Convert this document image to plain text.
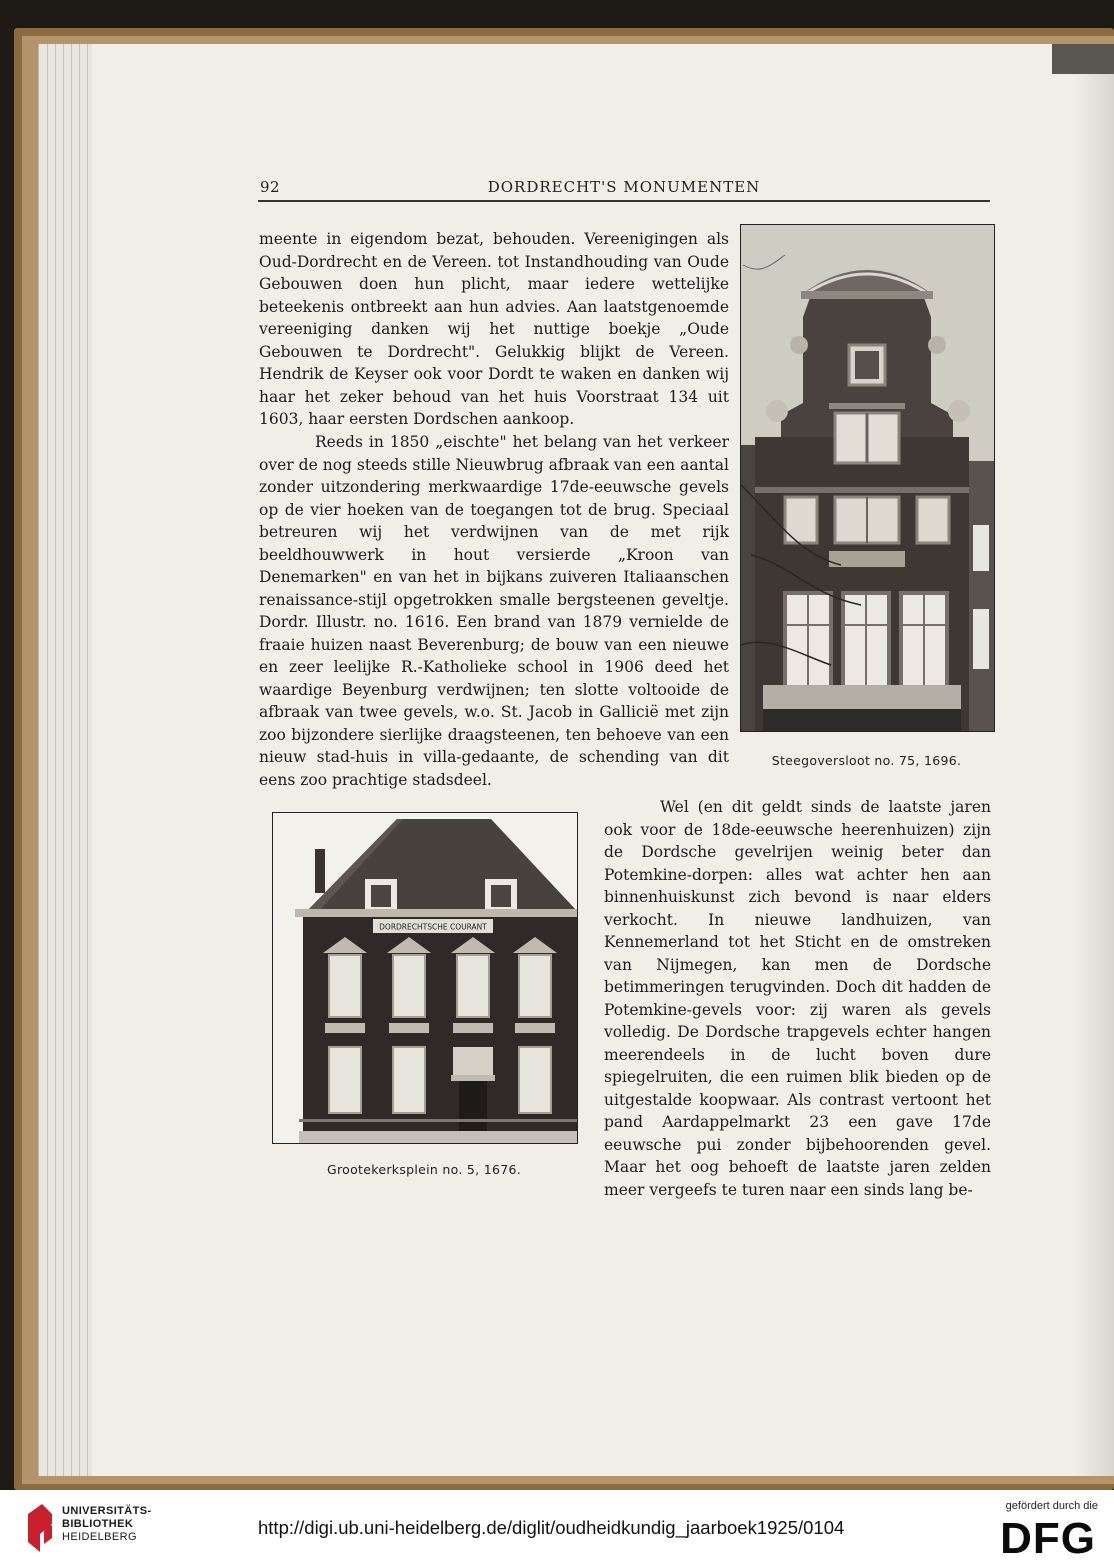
92	DORDRECHT'S MONUMENTEN

meente in eigendom bezat, behouden. Vereenigingen als Oud-Dordrecht en de Vereen. tot Instandhouding van Oude Gebouwen doen hun plicht, maar iedere wettelijke beteekenis ontbreekt aan hun advies. Aan laatstgenoemde vereeniging danken wij het nuttige boekje „Oude Gebouwen te Dordrecht". Gelukkig blijkt de Vereen. Hendrik de Keyser ook voor Dordt te waken en danken wij haar het zeker behoud van het huis Voorstraat 134 uit 1603, haar eersten Dordschen aankoop.

Reeds in 1850 „eischte" het belang van het verkeer over de nog steeds stille Nieuwbrug afbraak van een aantal zonder uitzondering merkwaardige 17de-eeuwsche gevels op de vier hoeken van de toegangen tot de brug. Speciaal betreuren wij het verdwijnen van de met rijk beeldhouwwerk in hout versierde „Kroon van Denemarken" en van het in bijkans zuiveren Italiaanschen renaissance-stijl opgetrokken smalle bergsteenen geveltje. Dordr. Illustr. no. 1616. Een brand van 1879 vernielde de fraaie huizen naast Beverenburg; de bouw van een nieuwe en zeer leelijke R.-Katholieke school in 1906 deed het waardige Beyenburg verdwijnen; ten slotte voltooide de afbraak van twee gevels, w.o. St. Jacob in Gallicië met zijn zoo bijzondere sierlijke draagsteenen, ten behoeve van een nieuw stad-huis in villa-gedaante, de schending van dit eens zoo prachtige stadsdeel.

Wel (en dit geldt sinds de laatste jaren ook voor de 18de-eeuwsche heerenhuizen) zijn de Dordsche gevelrijen weinig beter dan Potemkine-dorpen: alles wat achter hen aan binnenhuiskunst zich bevond is naar elders verkocht. In nieuwe landhuizen, van Kennemerland tot het Sticht en de omstreken van Nijmegen, kan men de Dordsche betimmeringen terugvinden. Doch dit hadden de Potemkine-gevels voor: zij waren als gevels volledig. De Dordsche trapgevels echter hangen meerendeels in de lucht boven dure spiegelruiten, die een ruimen blik bieden op de uitgestalde koopwaar. Als contrast vertoont het pand Aardappelmarkt 23 een gave 17de eeuwsche pui zonder bijbehoorenden gevel. Maar het oog behoeft de laatste jaren zelden meer vergeefs te turen naar een sinds lang be-

Steegoversloot no. 75, 1696.
DORDRECHTSCHE COURANT
Grootekerksplein no. 5, 1676.
UNIVERSITÄTS-
BIBLIOTHEK
HEIDELBERG	http://digi.ub.uni-heidelberg.de/diglit/oudheidkundig_jaarboek1925/0104
gefördert durch die
DFG
